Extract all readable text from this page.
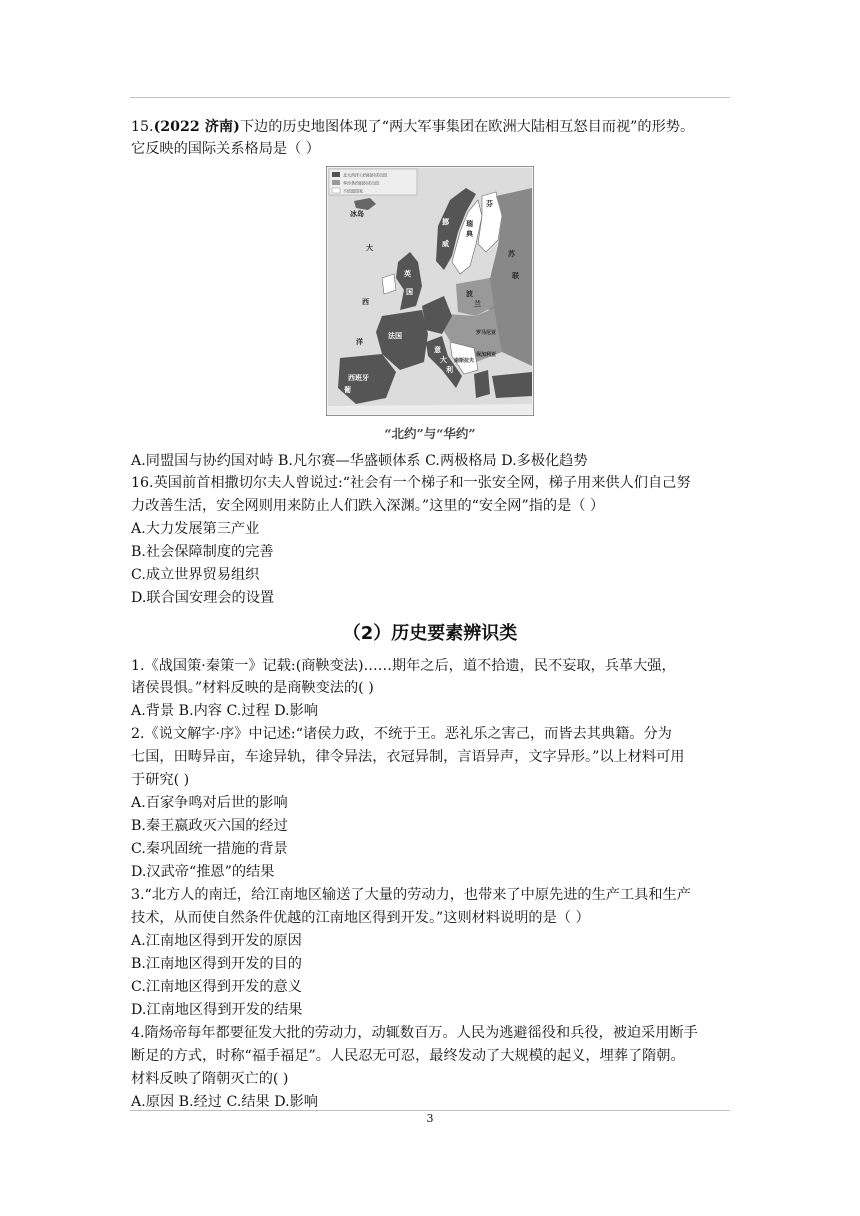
15.(2022 济南)下边的历史地图体现了“两大军事集团在欧洲大陆相互怒目而视”的形势。
它反映的国际关系格局是（ ）
北大西洋公约组织成员国
华沙条约组织成员国
不结盟国家
冰岛
大
西
洋
芬
瑞
典
挪
威
苏
联
英
国	波
兰
法国
西班牙
葡
意
大
利
南斯拉夫
罗马尼亚
保加利亚
“北约”与“华约”
A.同盟国与协约国对峙 B.凡尔赛—华盛顿体系 C.两极格局 D.多极化趋势
16.英国前首相撒切尔夫人曾说过:“社会有一个梯子和一张安全网，梯子用来供人们自己努
力改善生活，安全网则用来防止人们跌入深渊。”这里的“安全网”指的是（ ）
A.大力发展第三产业
B.社会保障制度的完善
C.成立世界贸易组织
D.联合国安理会的设置
（2）历史要素辨识类
1.《战国策·秦策一》记载:(商鞅变法)……期年之后，道不拾遗，民不妄取，兵革大强，
诸侯畏惧。”材料反映的是商鞅变法的( )
A.背景 B.内容 C.过程 D.影响
2.《说文解字·序》中记述:“诸侯力政，不统于王。恶礼乐之害己，而皆去其典籍。分为
七国，田畴异亩，车途异轨，律令异法，衣冠异制，言语异声，文字异形。”以上材料可用
于研究( )
A.百家争鸣对后世的影响
B.秦王嬴政灭六国的经过
C.秦巩固统一措施的背景
D.汉武帝“推恩”的结果
3.“北方人的南迁，给江南地区输送了大量的劳动力，也带来了中原先进的生产工具和生产
技术，从而使自然条件优越的江南地区得到开发。”这则材料说明的是（ ）
A.江南地区得到开发的原因
B.江南地区得到开发的目的
C.江南地区得到开发的意义
D.江南地区得到开发的结果
4.隋炀帝每年都要征发大批的劳动力，动辄数百万。人民为逃避徭役和兵役，被迫采用断手
断足的方式，时称“福手福足”。人民忍无可忍，最终发动了大规模的起义，埋葬了隋朝。
材料反映了隋朝灭亡的( )
A.原因 B.经过 C.结果 D.影响
3
